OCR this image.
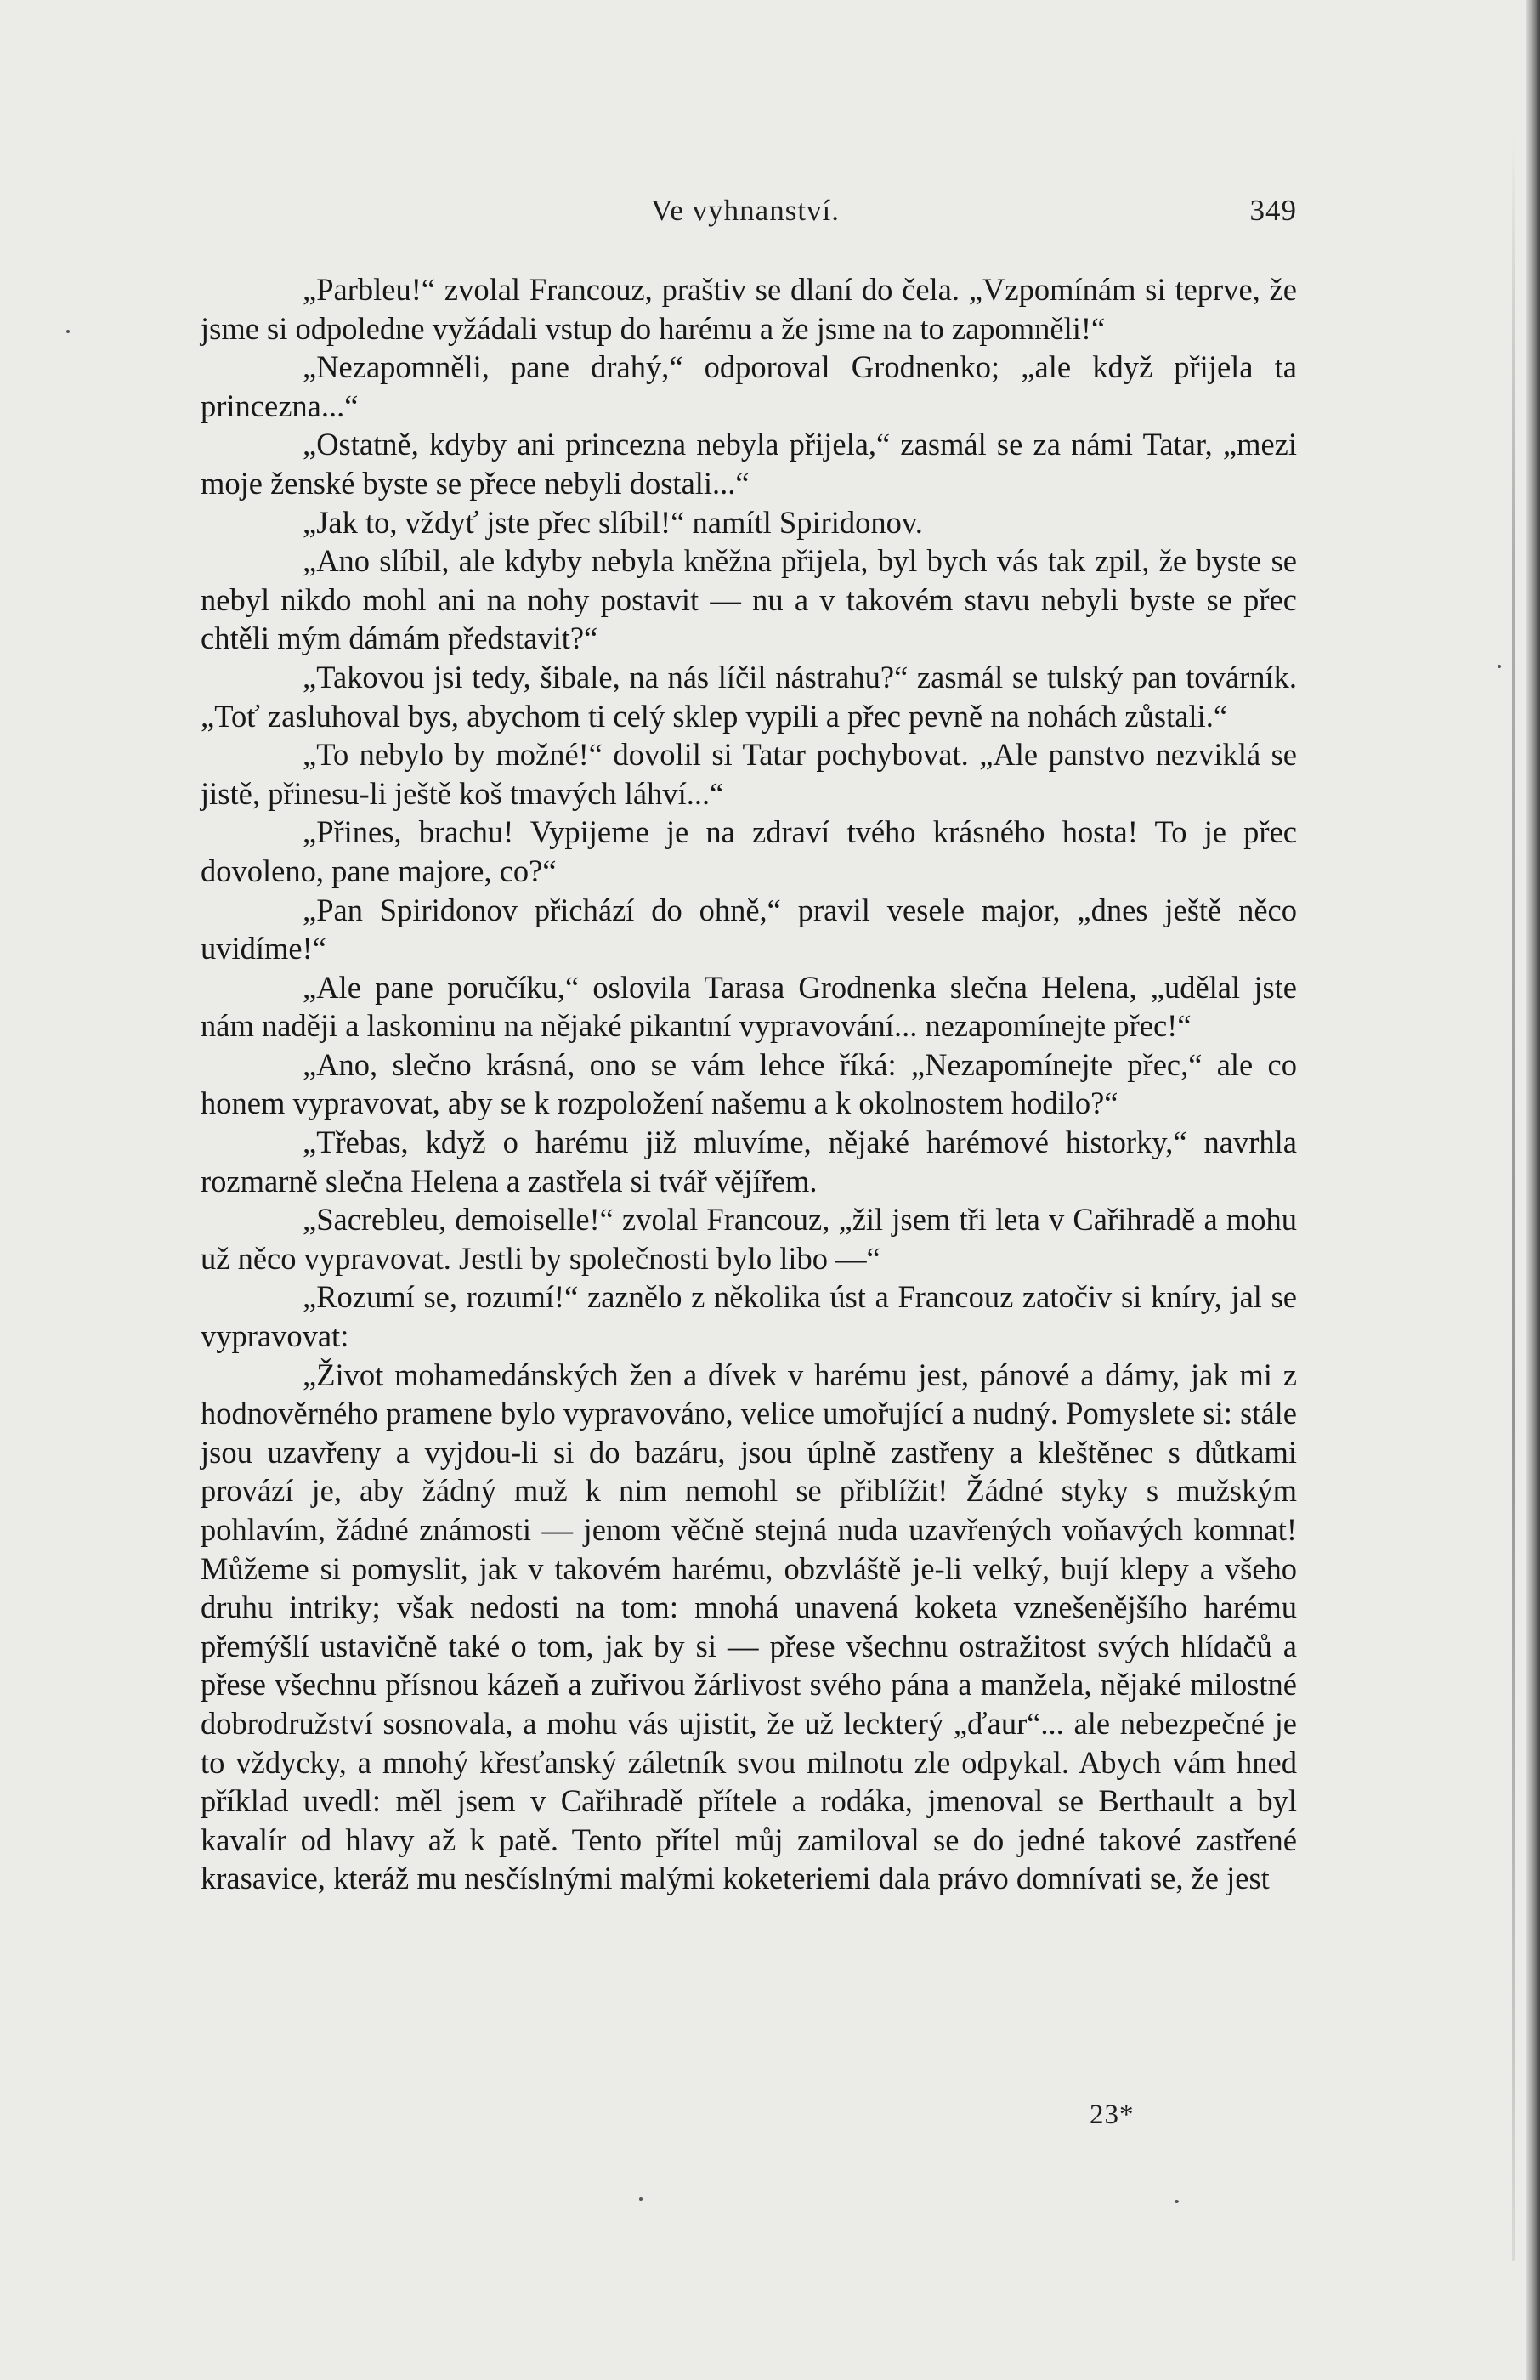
Ve vyhnanství.	349

„Parbleu!“ zvolal Francouz, praštiv se dlaní do čela. „Vzpomínám si teprve, že jsme si odpoledne vyžádali vstup do harému a že jsme na to zapomněli!“

„Nezapomněli, pane drahý,“ odporoval Grodnenko; „ale když přijela ta princezna...“

„Ostatně, kdyby ani princezna nebyla přijela,“ zasmál se za námi Tatar, „mezi moje ženské byste se přece nebyli dostali...“

„Jak to, vždyť jste přec slíbil!“ namítl Spiridonov.

„Ano slíbil, ale kdyby nebyla kněžna přijela, byl bych vás tak zpil, že byste se nebyl nikdo mohl ani na nohy postavit — nu a v takovém stavu nebyli byste se přec chtěli mým dámám představit?“

„Takovou jsi tedy, šibale, na nás líčil nástrahu?“ zasmál se tulský pan továrník. „Toť zasluhoval bys, abychom ti celý sklep vypili a přec pevně na nohách zůstali.“

„To nebylo by možné!“ dovolil si Tatar pochybovat. „Ale panstvo nezviklá se jistě, přinesu-li ještě koš tmavých láhví...“

„Přines, brachu! Vypijeme je na zdraví tvého krásného hosta! To je přec dovoleno, pane majore, co?“

„Pan Spiridonov přichází do ohně,“ pravil vesele major, „dnes ještě něco uvidíme!“

„Ale pane poručíku,“ oslovila Tarasa Grodnenka slečna Helena, „udělal jste nám naději a laskominu na nějaké pikantní vypravování... nezapomínejte přec!“

„Ano, slečno krásná, ono se vám lehce říká: „Nezapomínejte přec,“ ale co honem vypravovat, aby se k rozpoložení našemu a k okolnostem hodilo?“

„Třebas, když o harému již mluvíme, nějaké harémové historky,“ navrhla rozmarně slečna Helena a zastřela si tvář vějířem.

„Sacrebleu, demoiselle!“ zvolal Francouz, „žil jsem tři leta v Cařihradě a mohu už něco vypravovat. Jestli by společnosti bylo libo —“

„Rozumí se, rozumí!“ zaznělo z několika úst a Francouz zatočiv si kníry, jal se vypravovat:

„Život mohamedánských žen a dívek v harému jest, pánové a dámy, jak mi z hodnověrného pramene bylo vypravováno, velice umořující a nudný. Pomyslete si: stále jsou uzavřeny a vyjdou-li si do bazáru, jsou úplně zastřeny a kleštěnec s důtkami provází je, aby žádný muž k nim nemohl se přiblížit! Žádné styky s mužským pohlavím, žádné známosti — jenom věčně stejná nuda uzavřených voňavých komnat! Můžeme si pomyslit, jak v takovém harému, obzvláště je-li velký, bují klepy a všeho druhu intriky; však nedosti na tom: mnohá unavená koketa vznešenějšího harému přemýšlí ustavičně také o tom, jak by si — přese všechnu ostražitost svých hlídačů a přese všechnu přísnou kázeň a zuřivou žárlivost svého pána a manžela, nějaké milostné dobrodružství sosnovala, a mohu vás ujistit, že už leckterý „ďaur“... ale nebezpečné je to vždycky, a mnohý křesťanský záletník svou milnotu zle odpykal. Abych vám hned příklad uvedl: měl jsem v Cařihradě přítele a rodáka, jmenoval se Berthault a byl kavalír od hlavy až k patě. Tento přítel můj zamiloval se do jedné takové zastřené krasavice, kteráž mu nesčíslnými malými koketeriemi dala právo domnívati se, že jest

23*
